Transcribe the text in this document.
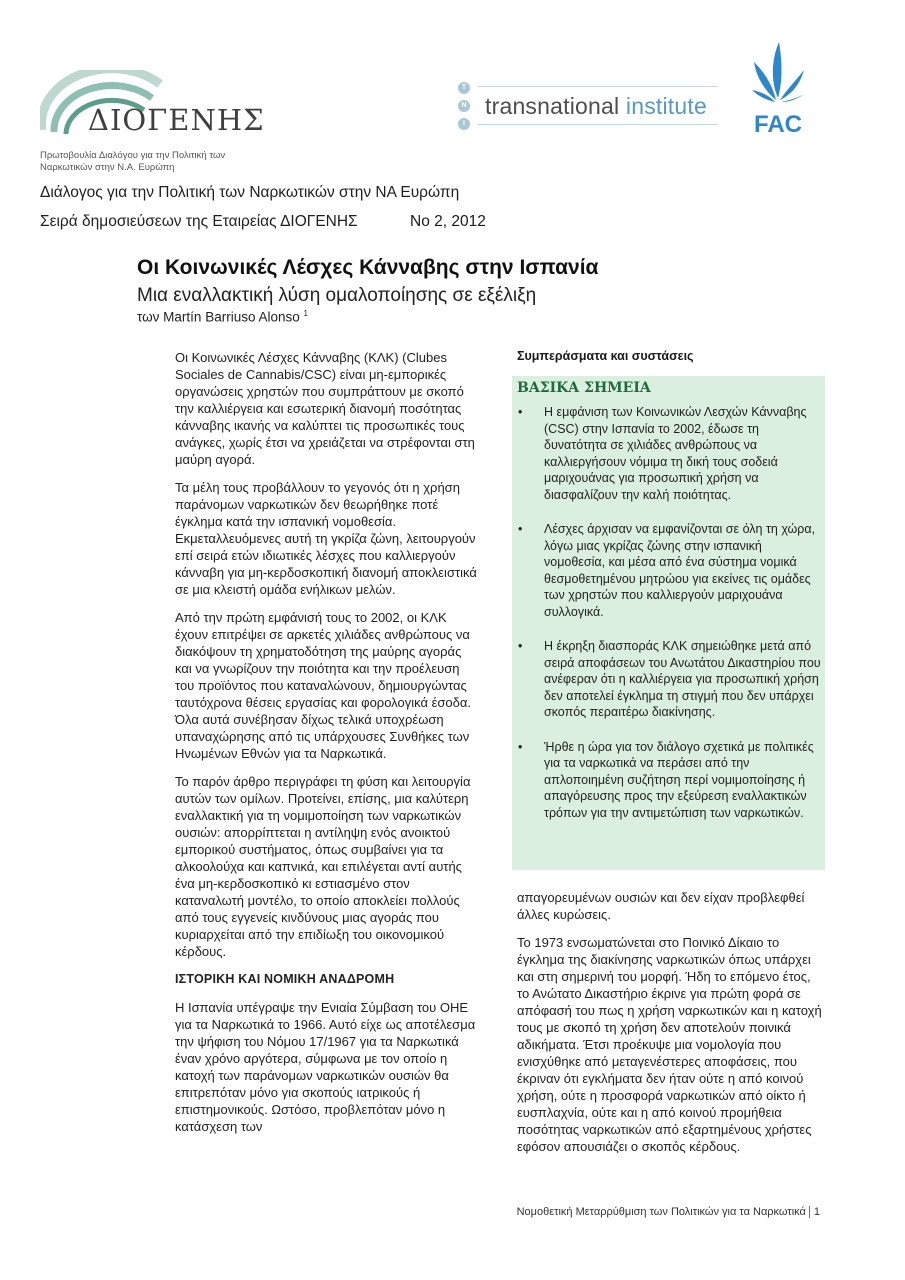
ΔΙΟΓΕΝΗΣ
Πρωτοβουλία Διαλόγου για την Πολιτική των
Ναρκωτικών στην Ν.Α. Ευρώπη
T
N
I
transnational institute
FAC
Διάλογος για την Πολιτική των Ναρκωτικών στην ΝΑ Ευρώπη
Σειρά δημοσιεύσεων της Εταιρείας ΔΙΟΓΕΝΗΣ	No 2, 2012
Οι Κοινωνικές Λέσχες Κάνναβης στην Ισπανία
Μια εναλλακτική λύση ομαλοποίησης σε εξέλιξη
των Martín Barriuso Alonso $^1$

Οι Κοινωνικές Λέσχες Κάνναβης (ΚΛΚ) (Clubes Sociales de Cannabis/CSC) είναι μη-εμπορικές οργανώσεις χρηστών που συμπράττουν με σκοπό την καλλιέργεια και εσωτερική διανομή ποσότητας κάνναβης ικανής να καλύπτει τις προσωπικές τους ανάγκες, χωρίς έτσι να χρειάζεται να στρέφονται στη μαύρη αγορά.

Τα μέλη τους προβάλλουν το γεγονός ότι η χρήση παράνομων ναρκωτικών δεν θεωρήθηκε ποτέ έγκλημα κατά την ισπανική νομοθεσία. Εκμεταλλευόμενες αυτή τη γκρίζα ζώνη, λειτουργούν επί σειρά ετών ιδιωτικές λέσχες που καλλιεργούν κάνναβη για μη-κερδοσκοπική διανομή αποκλειστικά σε μια κλειστή ομάδα ενήλικων μελών.

Από την πρώτη εμφάνισή τους το 2002, οι ΚΛΚ έχουν επιτρέψει σε αρκετές χιλιάδες ανθρώπους να διακόψουν τη χρηματοδότηση της μαύρης αγοράς και να γνωρίζουν την ποιότητα και την προέλευση του προϊόντος που καταναλώνουν, δημιουργώντας ταυτόχρονα θέσεις εργασίας και φορολογικά έσοδα. Όλα αυτά συνέβησαν δίχως τελικά υποχρέωση υπαναχώρησης από τις υπάρχουσες Συνθήκες των Ηνωμένων Εθνών για τα Ναρκωτικά.

Το παρόν άρθρο περιγράφει τη φύση και λειτουργία αυτών των ομίλων. Προτείνει, επίσης, μια καλύτερη εναλλακτική για τη νομιμοποίηση των ναρκωτικών ουσιών: απορρίπτεται η αντίληψη ενός ανοικτού εμπορικού συστήματος, όπως συμβαίνει για τα αλκοολούχα και καπνικά, και επιλέγεται αντί αυτής ένα μη-κερδοσκοπικό κι εστιασμένο στον καταναλωτή μοντέλο, το οποίο αποκλείει πολλούς από τους εγγενείς κινδύνους μιας αγοράς που κυριαρχείται από την επιδίωξη του οικονομικού κέρδους.

ΙΣΤΟΡΙΚΗ ΚΑΙ ΝΟΜΙΚΗ ΑΝΑΔΡΟΜΗ

Η Ισπανία υπέγραψε την Ενιαία Σύμβαση του ΟΗΕ για τα Ναρκωτικά το 1966. Αυτό είχε ως αποτέλεσμα την ψήφιση του Νόμου 17/1967 για τα Ναρκωτικά έναν χρόνο αργότερα, σύμφωνα με τον οποίο η κατοχή των παράνομων ναρκωτικών ουσιών θα επιτρεπόταν μόνο για σκοπούς ιατρικούς ή επιστημονικούς. Ωστόσο, προβλεπόταν μόνο η κατάσχεση των

Συμπεράσματα και συστάσεις
ΒΑΣΙΚΑ ΣΗΜΕΙΑ
• Η εμφάνιση των Κοινωνικών Λεσχών Κάνναβης (CSC) στην Ισπανία το 2002, έδωσε τη δυνατότητα σε χιλιάδες ανθρώπους να καλλιεργήσουν νόμιμα τη δική τους σοδειά μαριχουάνας για προσωπική χρήση να διασφαλίζουν την καλή ποιότητας.
• Λέσχες άρχισαν να εμφανίζονται σε όλη τη χώρα, λόγω μιας γκρίζας ζώνης στην ισπανική νομοθεσία, και μέσα από ένα σύστημα νομικά θεσμοθετημένου μητρώου για εκείνες τις ομάδες των χρηστών που καλλιεργούν μαριχουάνα συλλογικά.
• Η έκρηξη διασποράς ΚΛΚ σημειώθηκε μετά από σειρά αποφάσεων του Ανωτάτου Δικαστηρίου που ανέφεραν ότι η καλλιέργεια για προσωπική χρήση δεν αποτελεί έγκλημα τη στιγμή που δεν υπάρχει σκοπός περαιτέρω διακίνησης.
• Ήρθε η ώρα για τον διάλογο σχετικά με πολιτικές για τα ναρκωτικά να περάσει από την απλοποιημένη συζήτηση περί νομιμοποίησης ή απαγόρευσης προς την εξεύρεση εναλλακτικών τρόπων για την αντιμετώπιση των ναρκωτικών.

απαγορευμένων ουσιών και δεν είχαν προβλεφθεί άλλες κυρώσεις.

Το 1973 ενσωματώνεται στο Ποινικό Δίκαιο το έγκλημα της διακίνησης ναρκωτικών όπως υπάρχει και στη σημερινή του μορφή. Ήδη το επόμενο έτος, το Ανώτατο Δικαστήριο έκρινε για πρώτη φορά σε απόφασή του πως η χρήση ναρκωτικών και η κατοχή τους με σκοπό τη χρήση δεν αποτελούν ποινικά αδικήματα. Έτσι προέκυψε μια νομολογία που ενισχύθηκε από μεταγενέστερες αποφάσεις, που έκριναν ότι εγκλήματα δεν ήταν ούτε η από κοινού χρήση, ούτε η προσφορά ναρκωτικών από οίκτο ή ευσπλαχνία, ούτε και η από κοινού προμήθεια ποσότητας ναρκωτικών από εξαρτημένους χρήστες εφόσον απουσιάζει ο σκοπός κέρδους.

Νομοθετική Μεταρρύθμιση των Πολιτικών για τα Ναρκωτικά 1
